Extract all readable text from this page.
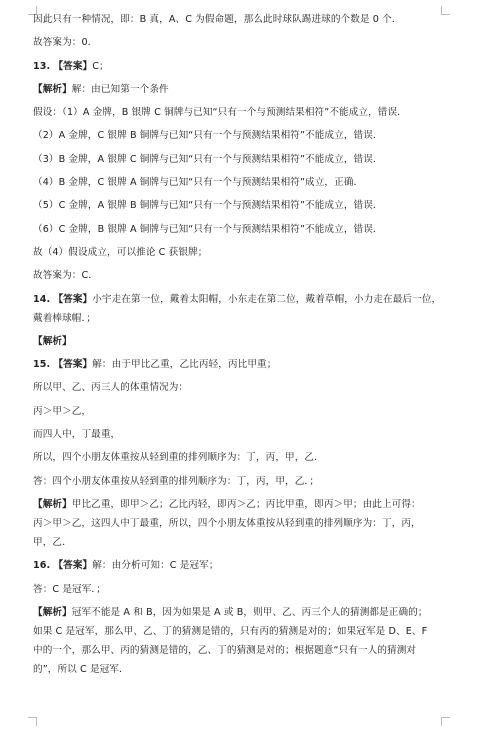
因此只有一种情况，即：B 真，A、C 为假命题，那么此时球队踢进球的个数是 0 个．
故答案为：0．
13. 【答案】C；
【解析】解：由已知第一个条件
假设：（1）A 金牌，B 银牌 C 铜牌与已知“只有一个与预测结果相符”不能成立，错误．
（2）A 金牌，C 银牌 B 铜牌与已知“只有一个与预测结果相符”不能成立，错误．
（3）B 金牌，A 银牌 C 铜牌与已知“只有一个与预测结果相符”不能成立，错误．
（4）B 金牌，C 银牌 A 铜牌与已知“只有一个与预测结果相符”成立，正确．
（5）C 金牌，A 银牌 B 铜牌与已知“只有一个与预测结果相符”不能成立，错误．
（6）C 金牌，B 银牌 A 铜牌与已知“只有一个与预测结果相符”不能成立，错误．
故（4）假设成立，可以推论 C 获银牌；
故答案为：C．
14. 【答案】小宇走在第一位，戴着太阳帽，小东走在第二位，戴着草帽，小力走在最后一位，
戴着棒球帽．；
【解析】
15. 【答案】解：由于甲比乙重，乙比丙轻，丙比甲重；
所以甲、乙、丙三人的体重情况为：
丙＞甲＞乙，
而四人中，丁最重，
所以，四个小朋友体重按从轻到重的排列顺序为：丁，丙，甲，乙．
答：四个小朋友体重按从轻到重的排列顺序为：丁，丙，甲，乙．；
【解析】甲比乙重，即甲＞乙；乙比丙轻，即丙＞乙；丙比甲重，即丙＞甲；由此上可得：
丙＞甲＞乙，这四人中丁最重，所以，四个小朋友体重按从轻到重的排列顺序为：丁，丙，
甲，乙．
16. 【答案】解：由分析可知：C 是冠军；
答：C 是冠军．；
【解析】冠军不能是 A 和 B，因为如果是 A 或 B，则甲、乙、丙三个人的猜测都是正确的；
如果 C 是冠军，那么甲、乙、丁的猜测是错的，只有丙的猜测是对的；如果冠军是 D、E、F
中的一个，那么甲、丙的猜测是错的，乙、丁的猜测是对的；根据题意“只有一人的猜测对
的”，所以 C 是冠军．
